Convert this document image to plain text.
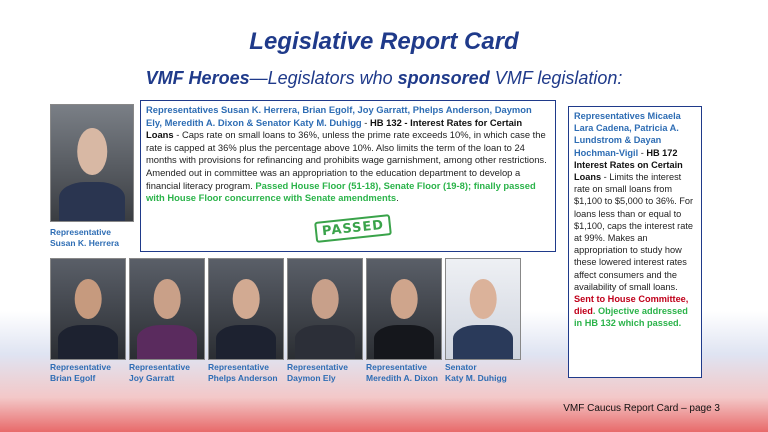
Legislative Report Card
VMF Heroes—Legislators who sponsored VMF legislation:
Representative
Susan K. Herrera
Representatives Susan K. Herrera, Brian Egolf, Joy Garratt, Phelps Anderson, Daymon Ely, Meredith A. Dixon & Senator Katy M. Duhigg - HB 132 - Interest Rates for Certain Loans - Caps rate on small loans to 36%, unless the prime rate exceeds 10%, in which case the rate is capped at 36% plus the percentage above 10%. Also limits the term of the loan to 24 months with provisions for refinancing and prohibits wage garnishment, among other restrictions. Amended out in committee was an appropriation to the education department to develop a financial literacy program. Passed House Floor (51-18), Senate Floor (19-8); finally passed with House Floor concurrence with Senate amendments.
PASSED
Representatives Micaela Lara Cadena, Patricia A. Lundstrom & Dayan Hochman-Vigil - HB 172 Interest Rates on Certain Loans - Limits the interest rate on small loans from $1,100 to $5,000 to 36%. For loans less than or equal to $1,100, caps the interest rate at 99%. Makes an appropriation to study how these lowered interest rates affect consumers and the availability of small loans. Sent to House Committee, died. Objective addressed in HB 132 which passed.
Representative
Brian Egolf
Representative
Joy Garratt
Representative
Phelps Anderson
Representative
Daymon Ely
Representative
Meredith A. Dixon
Senator
Katy M. Duhigg
VMF Caucus Report Card – page 3
